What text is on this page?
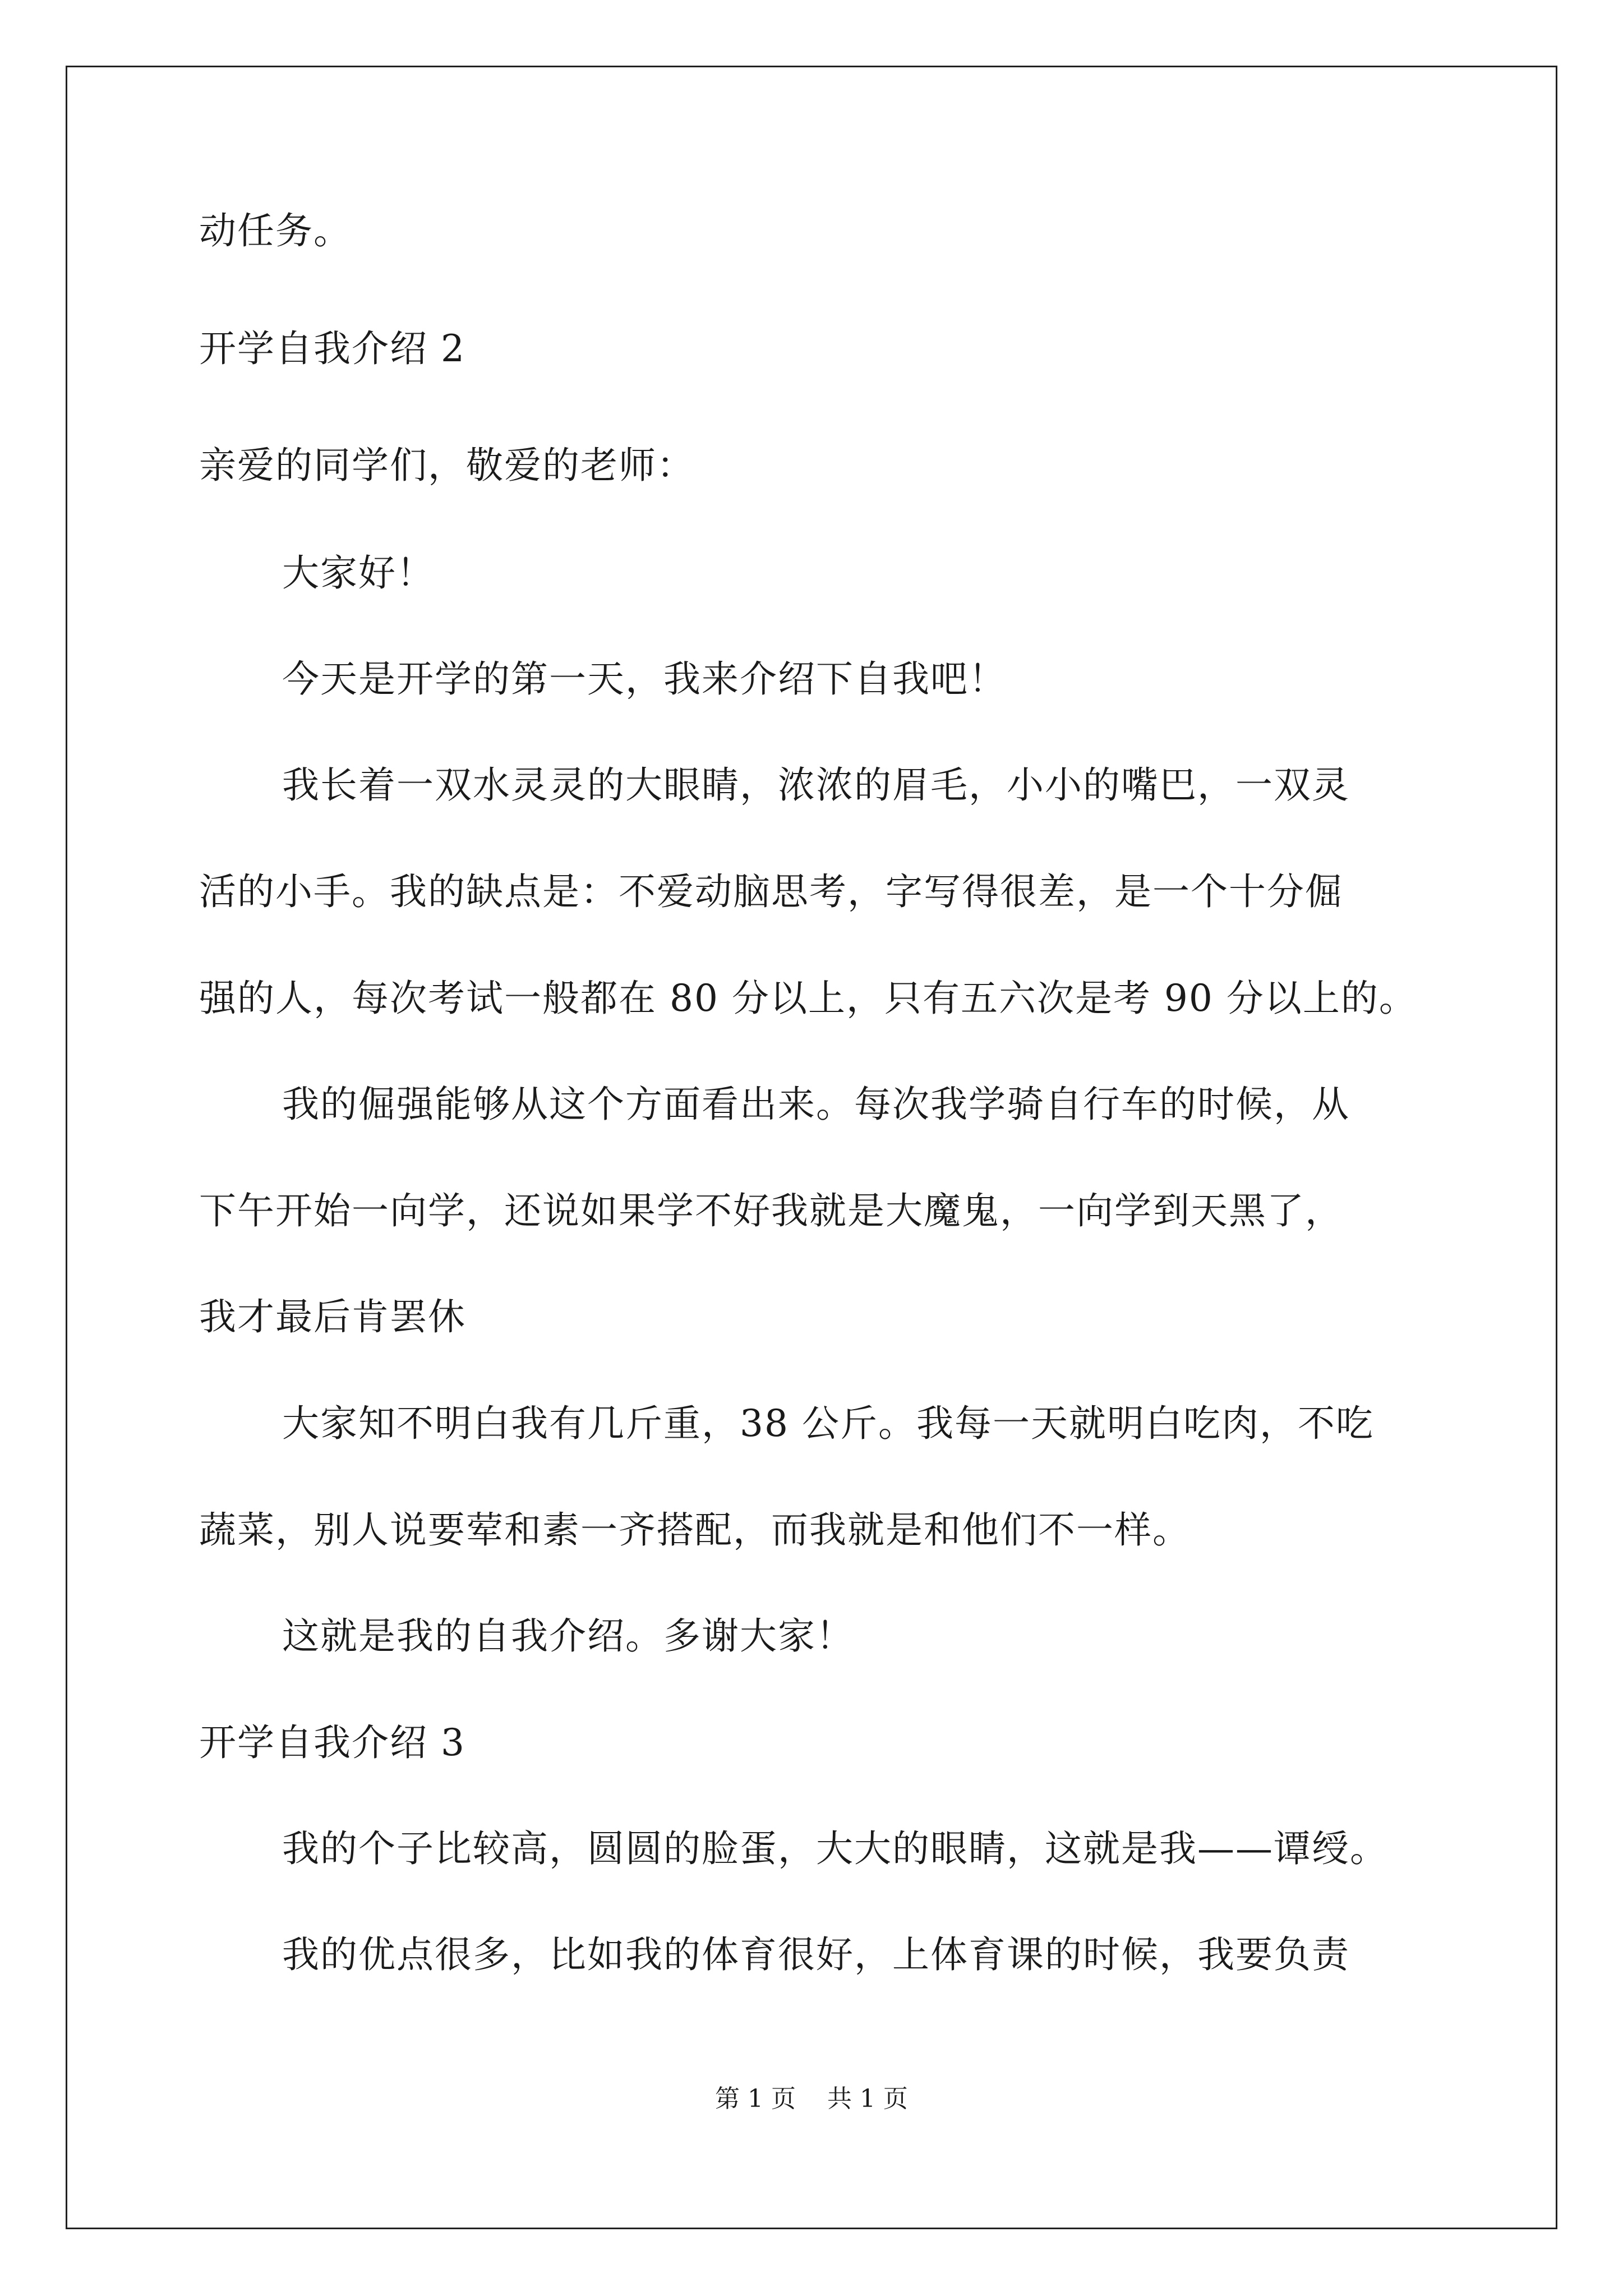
动任务。
开学自我介绍 2
亲爱的同学们，敬爱的老师：
大家好！
今天是开学的第一天，我来介绍下自我吧！
我长着一双水灵灵的大眼睛，浓浓的眉毛，小小的嘴巴，一双灵
活的小手。我的缺点是：不爱动脑思考，字写得很差，是一个十分倔
强的人，每次考试一般都在 80 分以上，只有五六次是考 90 分以上的。
我的倔强能够从这个方面看出来。每次我学骑自行车的时候，从
下午开始一向学，还说如果学不好我就是大魔鬼，一向学到天黑了，
我才最后肯罢休
大家知不明白我有几斤重，38 公斤。我每一天就明白吃肉，不吃
蔬菜，别人说要荤和素一齐搭配，而我就是和他们不一样。
这就是我的自我介绍。多谢大家！
开学自我介绍 3
我的个子比较高，圆圆的脸蛋，大大的眼睛，这就是我——谭绶。
我的优点很多，比如我的体育很好，上体育课的时候，我要负责
第 1 页    共 1 页
